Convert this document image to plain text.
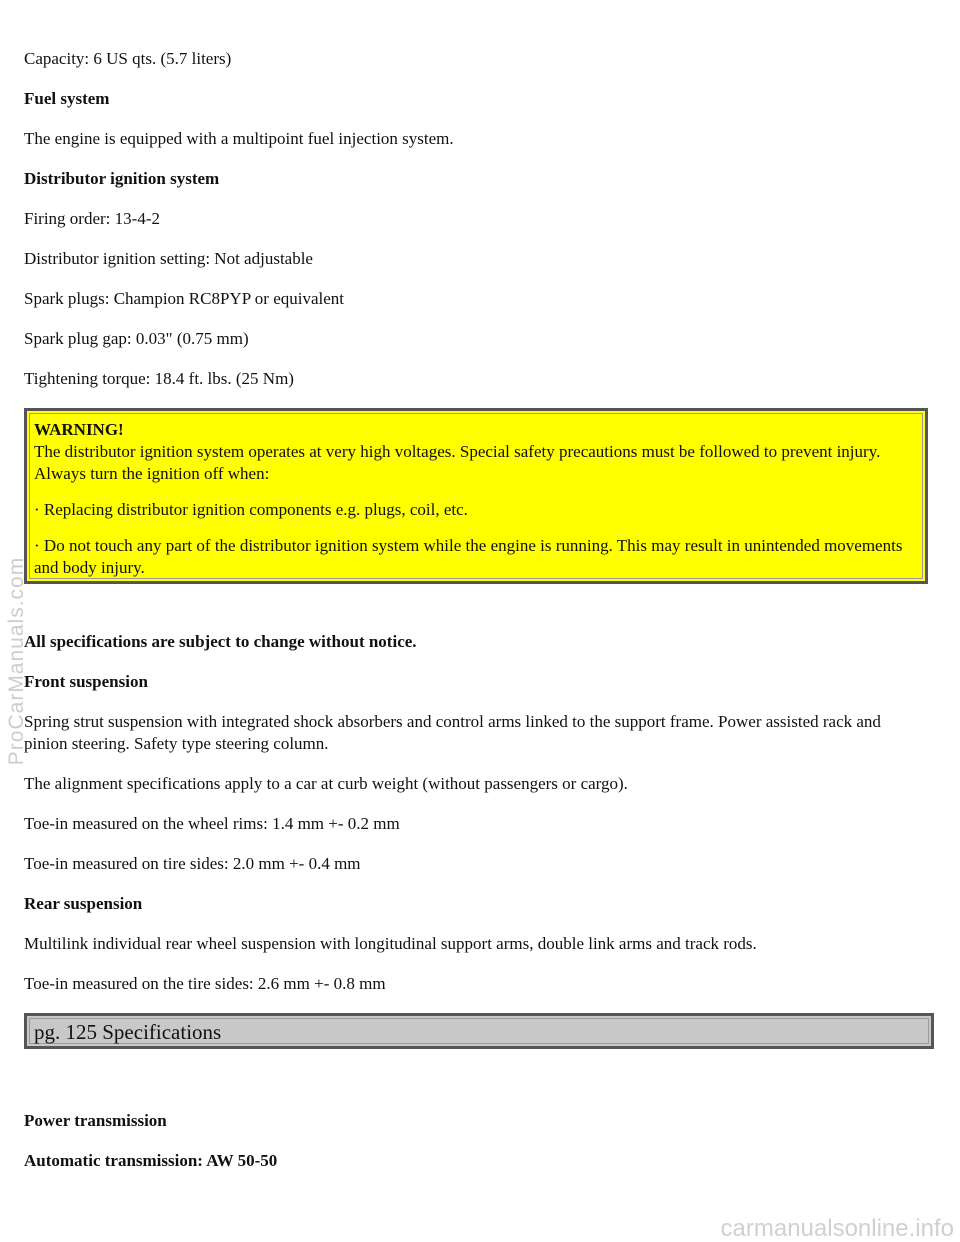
Capacity: 6 US qts. (5.7 liters)

Fuel system

The engine is equipped with a multipoint fuel injection system.

Distributor ignition system

Firing order: 13-4-2

Distributor ignition setting: Not adjustable

Spark plugs: Champion RC8PYP or equivalent

Spark plug gap: 0.03" (0.75 mm)

Tightening torque: 18.4 ft. lbs. (25 Nm)

WARNING!

The distributor ignition system operates at very high voltages. Special safety precautions must be followed to prevent injury. Always turn the ignition off when:

· Replacing distributor ignition components e.g. plugs, coil, etc.

· Do not touch any part of the distributor ignition system while the engine is running. This may result in unintended movements and body injury.

All specifications are subject to change without notice.

Front suspension

Spring strut suspension with integrated shock absorbers and control arms linked to the support frame. Power assisted rack and pinion steering. Safety type steering column.

The alignment specifications apply to a car at curb weight (without passengers or cargo).

Toe-in measured on the wheel rims: 1.4 mm +- 0.2 mm

Toe-in measured on tire sides: 2.0 mm +- 0.4 mm

Rear suspension

Multilink individual rear wheel suspension with longitudinal support arms, double link arms and track rods.

Toe-in measured on the tire sides: 2.6 mm +- 0.8 mm

pg. 125 Specifications

Power transmission

Automatic transmission: AW 50-50

ProCarManuals.com
carmanualsonline.info
